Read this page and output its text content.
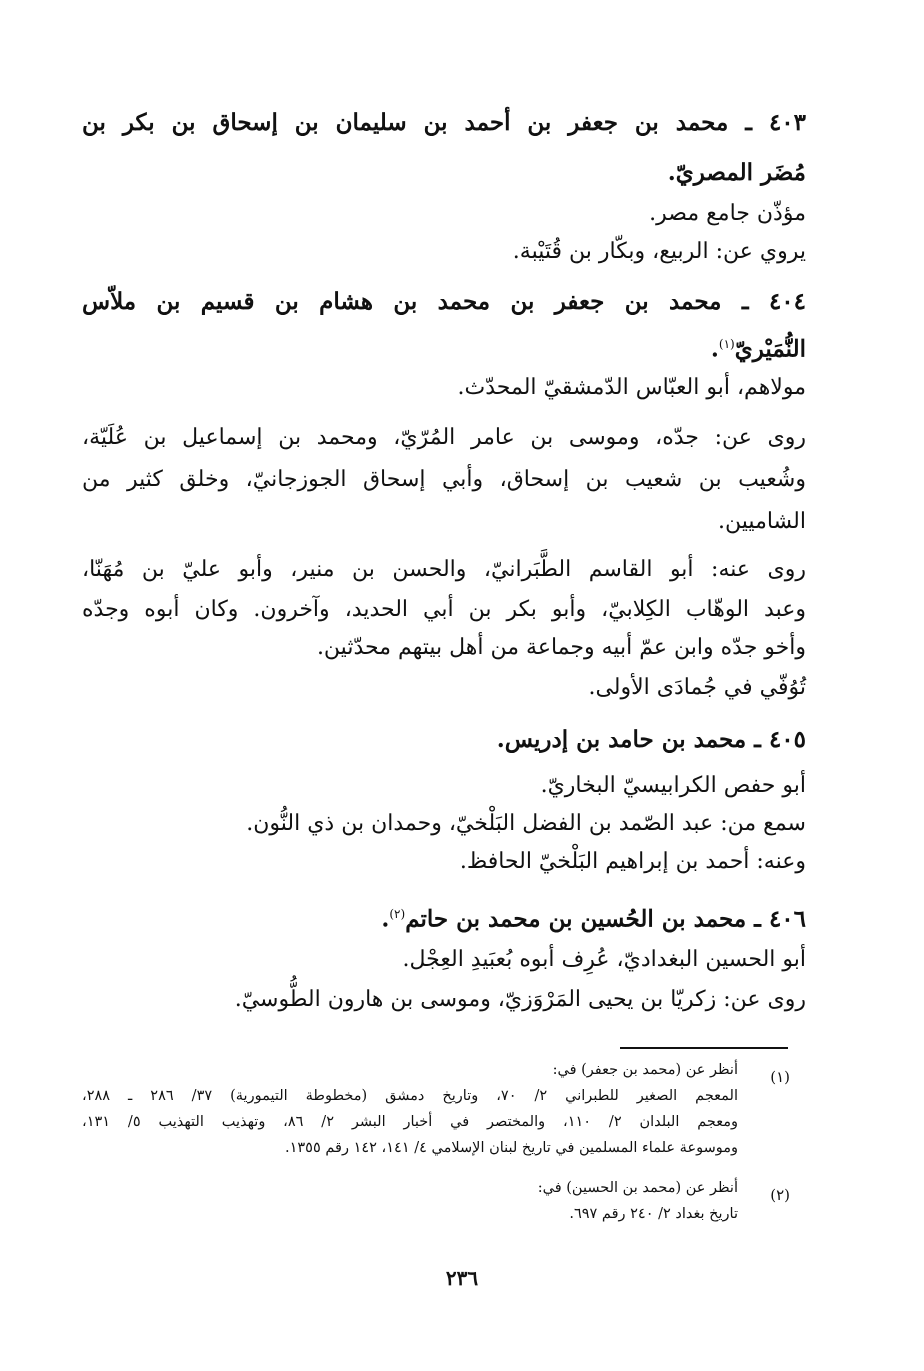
٤٠٣ ـ محمد بن جعفر بن أحمد بن سليمان بن إسحاق بن بكر بن
مُضَر المصريّ.
مؤذّن جامع مصر.
يروي عن: الربيع، وبكّار بن قُتَيْبة.
٤٠٤ ـ محمد بن جعفر بن محمد بن هشام بن قسيم بن ملاّس
النُّمَيْريّ$^{(١)}$.
مولاهم، أبو العبّاس الدّمشقيّ المحدّث.
روى عن: جدّه، وموسى بن عامر المُرّيّ، ومحمد بن إسماعيل بن عُلَيّة،
وشُعيب بن شعيب بن إسحاق، وأبي إسحاق الجوزجانيّ، وخلق كثير من
الشاميين.
روى عنه: أبو القاسم الطَّبَرانيّ، والحسن بن منير، وأبو عليّ بن مُهَنّا،
وعبد الوهّاب الكِلابيّ، وأبو بكر بن أبي الحديد، وآخرون. وكان أبوه وجدّه
وأخو جدّه وابن عمّ أبيه وجماعة من أهل بيتهم محدّثين.
تُوُفّي في جُمادَى الأولى.
٤٠٥ ـ محمد بن حامد بن إدريس.
أبو حفص الكرابيسيّ البخاريّ.
سمع من: عبد الصّمد بن الفضل البَلْخيّ، وحمدان بن ذي النُّون.
وعنه: أحمد بن إبراهيم البَلْخيّ الحافظ.
٤٠٦ ـ محمد بن الحُسين بن محمد بن حاتم$^{(٢)}$.
أبو الحسين البغداديّ، عُرِف أبوه بُعبَيدِ العِجْل.
روى عن: زكريّا بن يحيى المَرْوَزيّ، وموسى بن هارون الطُّوسيّ.
(١)
أنظر عن (محمد بن جعفر) في:
المعجم الصغير للطبراني ٢/ ٧٠، وتاريخ دمشق (مخطوطة التيمورية) ٣٧/ ٢٨٦ ـ ٢٨٨،
ومعجم البلدان ٢/ ١١٠، والمختصر في أخبار البشر ٢/ ٨٦، وتهذيب التهذيب ٥/ ١٣١،
وموسوعة علماء المسلمين في تاريخ لبنان الإسلامي ٤/ ١٤١، ١٤٢ رقم ١٣٥٥.
(٢)
أنظر عن (محمد بن الحسين) في:
تاريخ بغداد ٢/ ٢٤٠ رقم ٦٩٧.
٢٣٦
